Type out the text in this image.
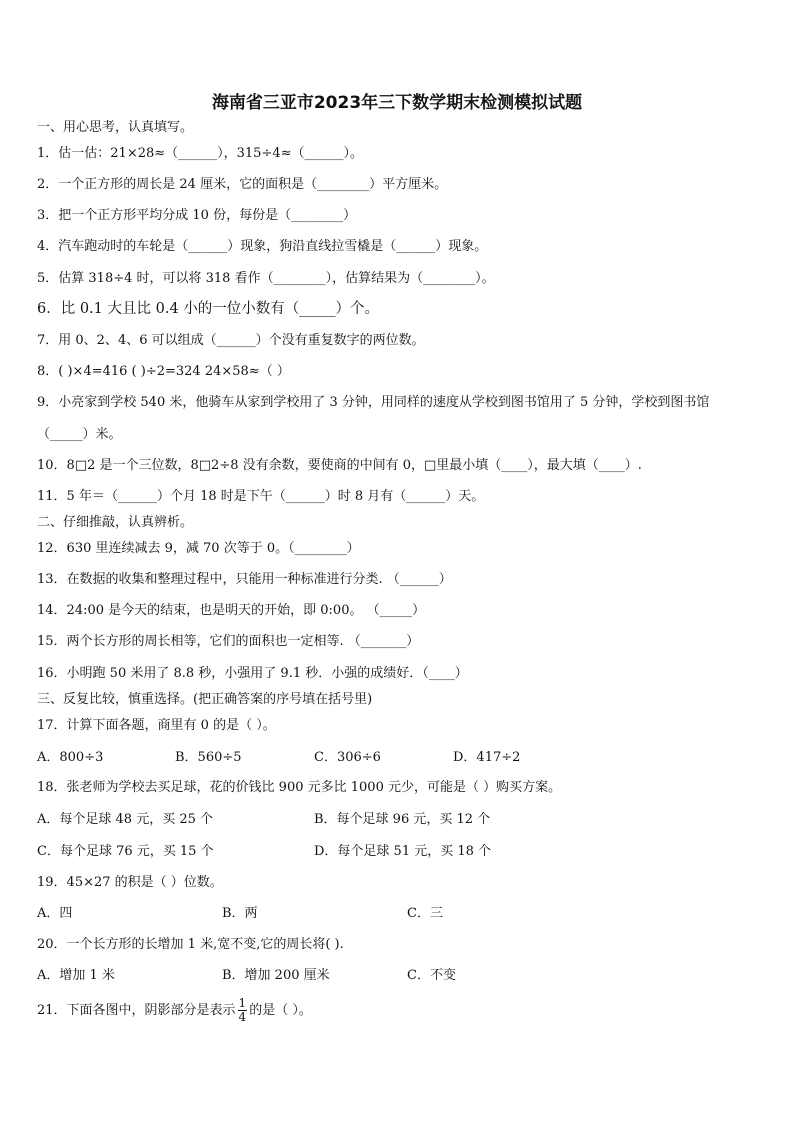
海南省三亚市2023年三下数学期末检测模拟试题
一、用心思考，认真填写。
1．估一估：21×28≈（______），315÷4≈（______）。
2．一个正方形的周长是 24 厘米，它的面积是（________）平方厘米。
3．把一个正方形平均分成 10 份，每份是（________）
4．汽车跑动时的车轮是（______）现象，狗沿直线拉雪橇是（______）现象。
5．估算 318÷4 时，可以将 318 看作（________），估算结果为（________）。
6．比 0.1 大且比 0.4 小的一位小数有（_____）个。
7．用 0、2、4、6 可以组成（______）个没有重复数字的两位数。
8．( )×4=416 ( )÷2=324 24×58≈（ ）
9．小亮家到学校 540 米，他骑车从家到学校用了 3 分钟，用同样的速度从学校到图书馆用了 5 分钟，学校到图书馆
（_____）米。
10．8□2 是一个三位数，8□2÷8 没有余数，要使商的中间有 0，□里最小填（____），最大填（____）.
11．5 年＝（______）个月 18 时是下午（______）时 8 月有（______）天。
二、仔细推敲，认真辨析。
12．630 里连续减去 9，减 70 次等于 0。（________）
13．在数据的收集和整理过程中，只能用一种标准进行分类. （______）
14．24:00 是今天的结束，也是明天的开始，即 0:00。 （_____）
15．两个长方形的周长相等，它们的面积也一定相等. （_______）
16．小明跑 50 米用了 8.8 秒，小强用了 9.1 秒．小强的成绩好．（____）
三、反复比较，慎重选择。(把正确答案的序号填在括号里)
17．计算下面各题，商里有 0 的是（ ）。
A．800÷3	B．560÷5	C．306÷6	D．417÷2
18．张老师为学校去买足球，花的价钱比 900 元多比 1000 元少，可能是（ ）购买方案。
A．每个足球 48 元，买 25 个	B．每个足球 96 元，买 12 个
C．每个足球 76 元，买 15 个	D．每个足球 51 元，买 18 个
19．45×27 的积是（ ）位数。
A．四	B．两	C．三
20．一个长方形的长增加 1 米,宽不变,它的周长将( ).
A．增加 1 米	B．增加 200 厘米	C．不变
21．下面各图中，阴影部分是表示 $\frac{1}{4}$ 的是（ ）。
